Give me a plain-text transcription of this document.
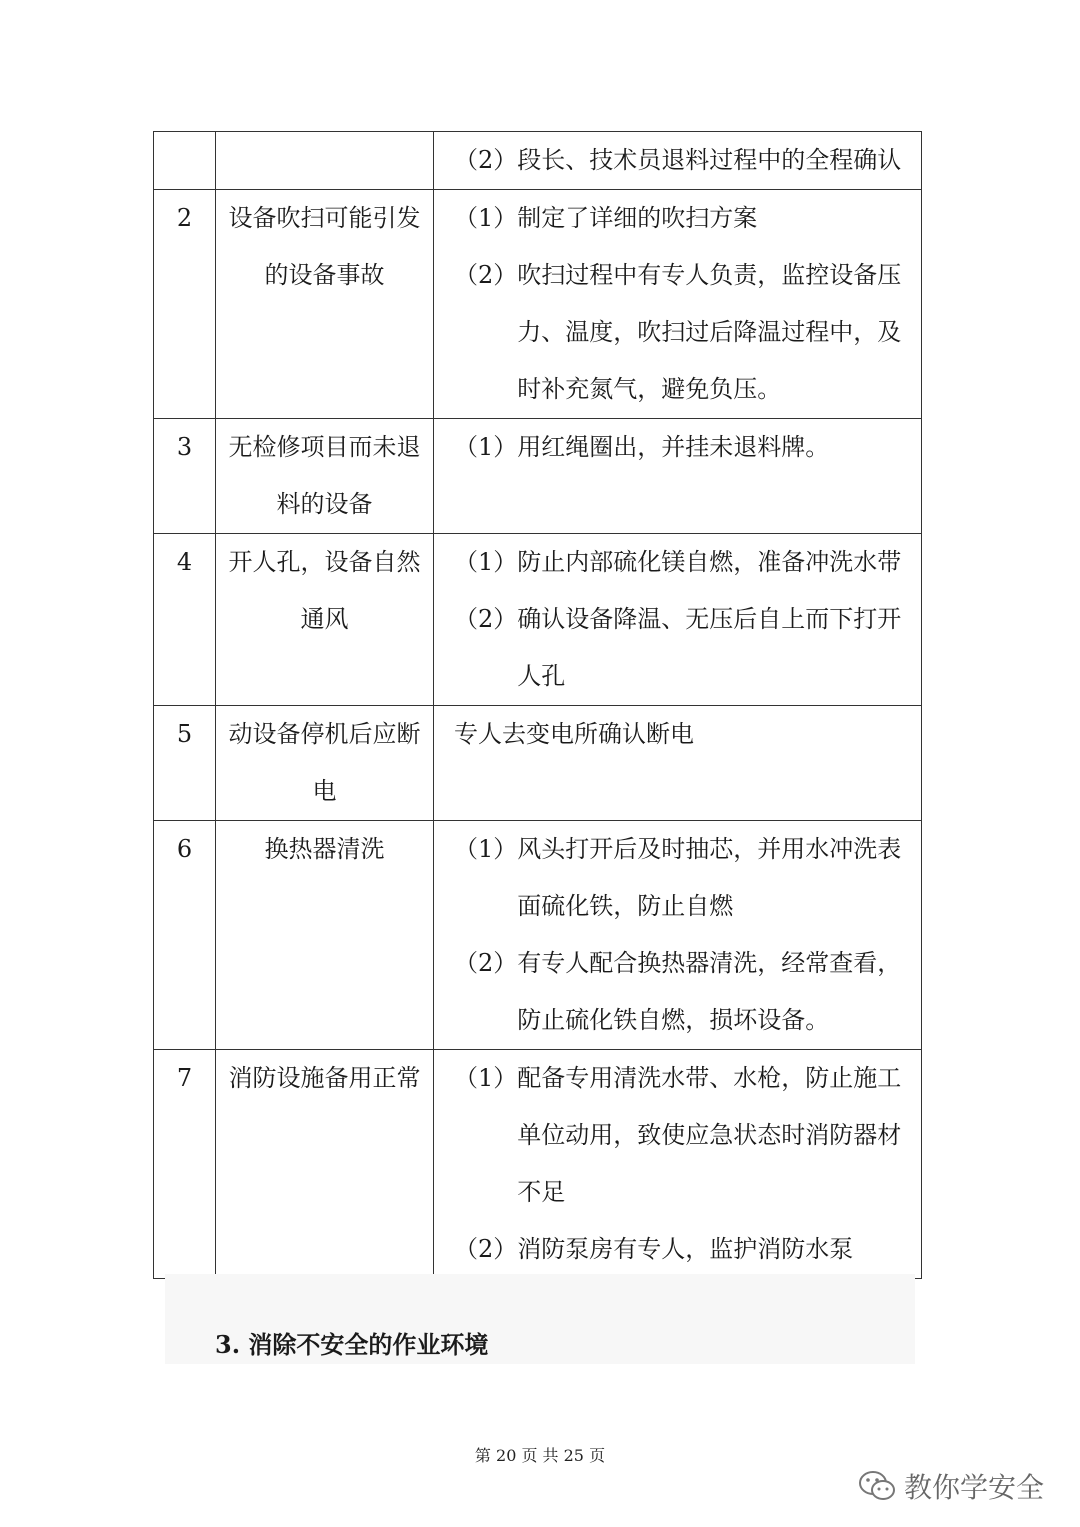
		（2） 段长、技术员退料过程中的全程确认

2	设备吹扫可能引发的设备事故	（1） 制定了详细的吹扫方案
（2） 吹扫过程中有专人负责，监控设备压力、温度，吹扫过后降温过程中，及时补充氮气，避免负压。

3	无检修项目而未退料的设备	（1） 用红绳圈出，并挂未退料牌。

4	开人孔，设备自然通风	（1） 防止内部硫化镁自燃，准备冲洗水带
（2） 确认设备降温、无压后自上而下打开人孔

5	动设备停机后应断电	专人去变电所确认断电

6	换热器清洗	（1） 风头打开后及时抽芯，并用水冲洗表面硫化铁，防止自燃
（2） 有专人配合换热器清洗，经常查看，防止硫化铁自燃，损坏设备。

7	消防设施备用正常	（1） 配备专用清洗水带、水枪，防止施工单位动用，致使应急状态时消防器材不足
（2） 消防泵房有专人，监护消防水泵
3. 消除不安全的作业环境
第 20 页 共 25 页
教你学安全
